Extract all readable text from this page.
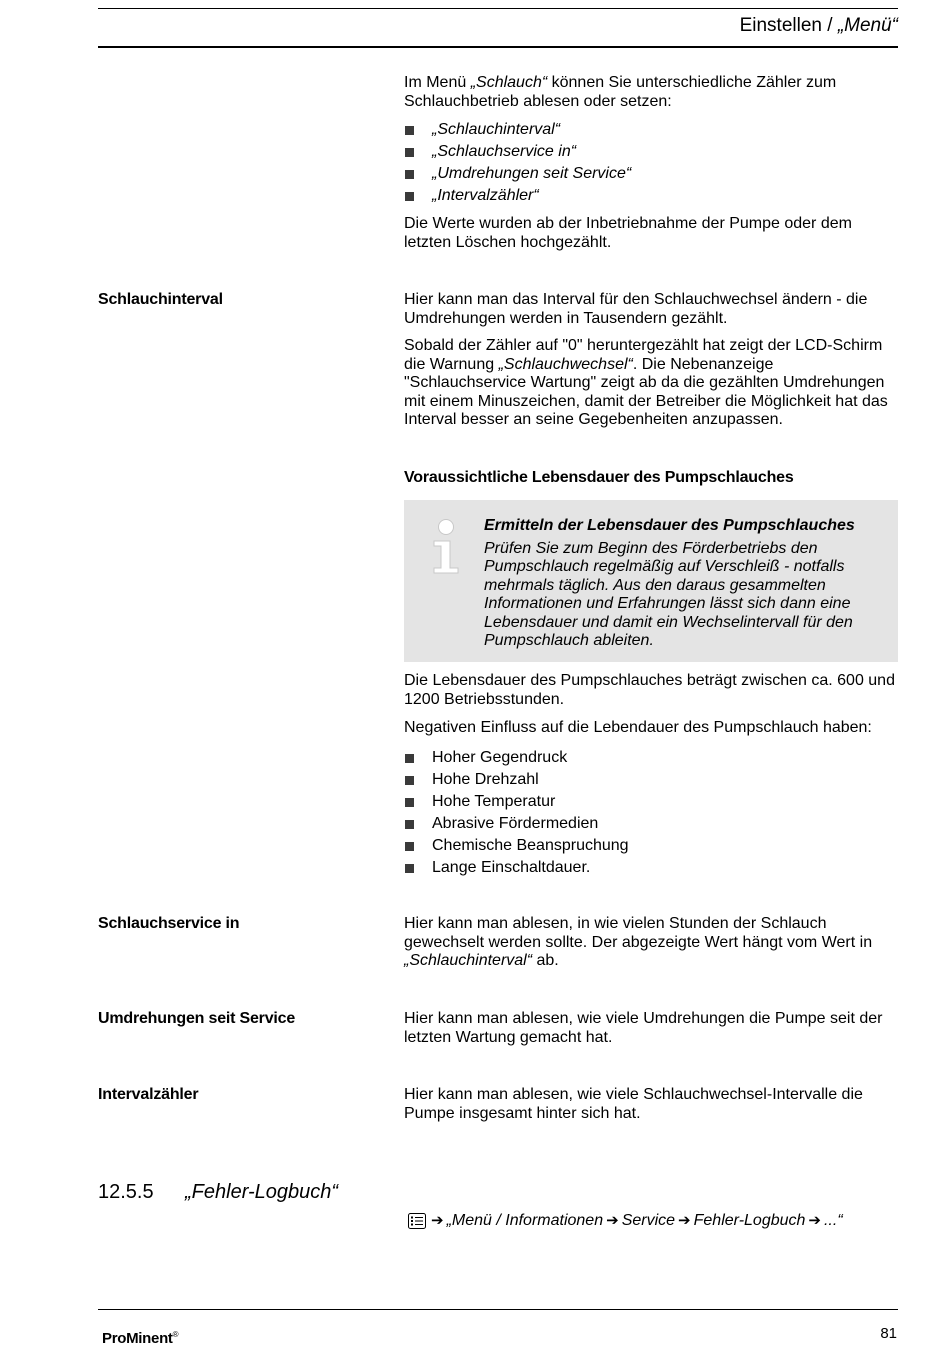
Einstellen / „Menü“

Im Menü „Schlauch“ können Sie unterschiedliche Zähler zum Schlauchbetrieb ablesen oder setzen:

„Schlauchinterval“
„Schlauchservice in“
„Umdrehungen seit Service“
„Intervalzähler“

Die Werte wurden ab der Inbetriebnahme der Pumpe oder dem letzten Löschen hochgezählt.

Schlauchinterval	Hier kann man das Interval für den Schlauchwechsel ändern - die Umdrehungen werden in Tausendern gezählt.

Sobald der Zähler auf "0" heruntergezählt hat zeigt der LCD-Schirm die Warnung „Schlauchwechsel“. Die Nebenanzeige "Schlauchservice Wartung" zeigt ab da die gezählten Umdrehungen mit einem Minuszeichen, damit der Betreiber die Möglichkeit hat das Interval besser an seine Gegebenheiten anzupassen.

Voraussichtliche Lebensdauer des Pumpschlauches
Ermitteln der Lebensdauer des Pumpschlauches
Prüfen Sie zum Beginn des Förderbetriebs den Pumpschlauch regelmäßig auf Verschleiß - notfalls mehrmals täglich. Aus den daraus gesammelten Informationen und Erfahrungen lässt sich dann eine Lebensdauer und damit ein Wechselintervall für den Pumpschlauch ableiten.

Die Lebensdauer des Pumpschlauches beträgt zwischen ca. 600 und 1200 Betriebsstunden.

Negativen Einfluss auf die Lebendauer des Pumpschlauch haben:

Hoher Gegendruck
Hohe Drehzahl
Hohe Temperatur
Abrasive Fördermedien
Chemische Beanspruchung
Lange Einschaltdauer.
Schlauchservice in	Hier kann man ablesen, in wie vielen Stunden der Schlauch gewechselt werden sollte. Der abgezeigte Wert hängt vom Wert in „Schlauchinterval“ ab.

Umdrehungen seit Service	Hier kann man ablesen, wie viele Umdrehungen die Pumpe seit der letzten Wartung gemacht hat.
Intervalzähler	Hier kann man ablesen, wie viele Schlauchwechsel-Intervalle die Pumpe insgesamt hinter sich hat.
12.5.5 „Fehler-Logbuch“
➔ „Menü / Informationen ➔ Service ➔ Fehler-Logbuch ➔ ...“
ProMinent®	81
